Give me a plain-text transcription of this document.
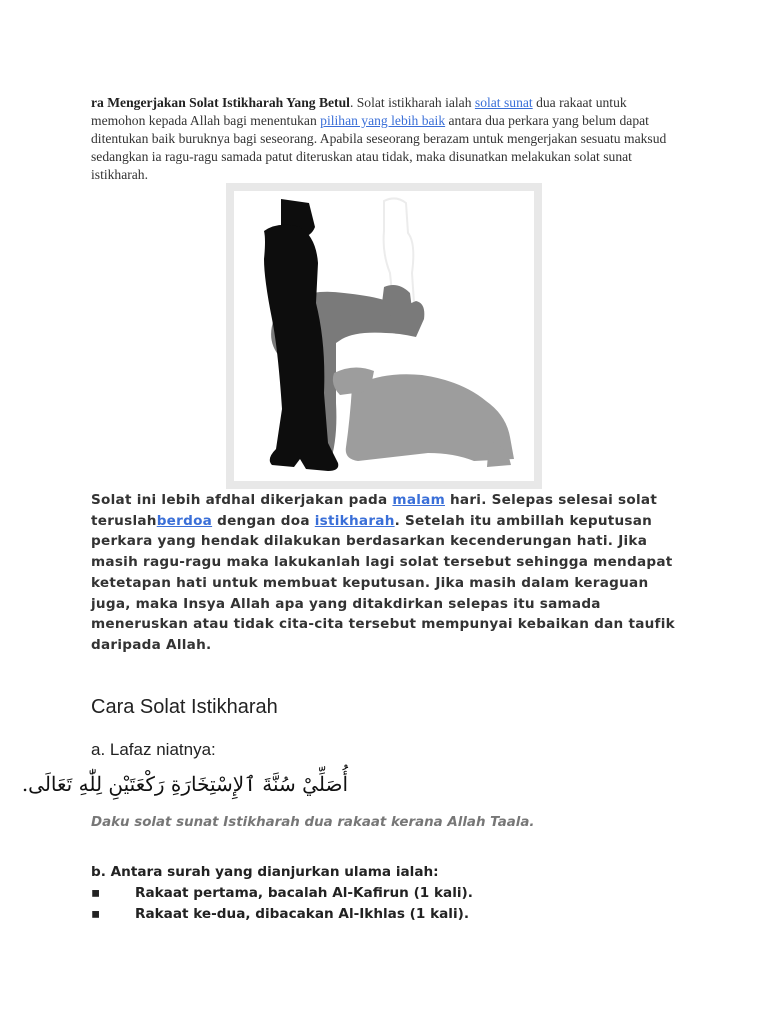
ra Mengerjakan Solat Istikharah Yang Betul. Solat istikharah ialah solat sunat dua rakaat untuk memohon kepada Allah bagi menentukan pilihan yang lebih baik antara dua perkara yang belum dapat ditentukan baik buruknya bagi seseorang. Apabila seseorang berazam untuk mengerjakan sesuatu maksud sedangkan ia ragu-ragu samada patut diteruskan atau tidak, maka disunatkan melakukan solat sunat istikharah.
Solat ini lebih afdhal dikerjakan pada malam hari. Selepas selesai solat teruslahberdoa dengan doa istikharah. Setelah itu ambillah keputusan perkara yang hendak dilakukan berdasarkan kecenderungan hati. Jika masih ragu-ragu maka lakukanlah lagi solat tersebut sehingga mendapat ketetapan hati untuk membuat keputusan. Jika masih dalam keraguan juga, maka Insya Allah apa yang ditakdirkan selepas itu samada meneruskan atau tidak cita-cita tersebut mempunyai kebaikan dan taufik daripada Allah.
Cara Solat Istikharah
a. Lafaz niatnya:
أُصَلِّيْ سُنَّةَ ٱلإِسْتِخَارَةِ رَكْعَتَيْنِ لِلّٰهِ تَعَالَى.
Daku solat sunat Istikharah dua rakaat kerana Allah Taala.
b. Antara surah yang dianjurkan ulama ialah:
▪	Rakaat pertama, bacalah Al-Kafirun (1 kali).
▪	Rakaat ke-dua, dibacakan Al-Ikhlas (1 kali).
